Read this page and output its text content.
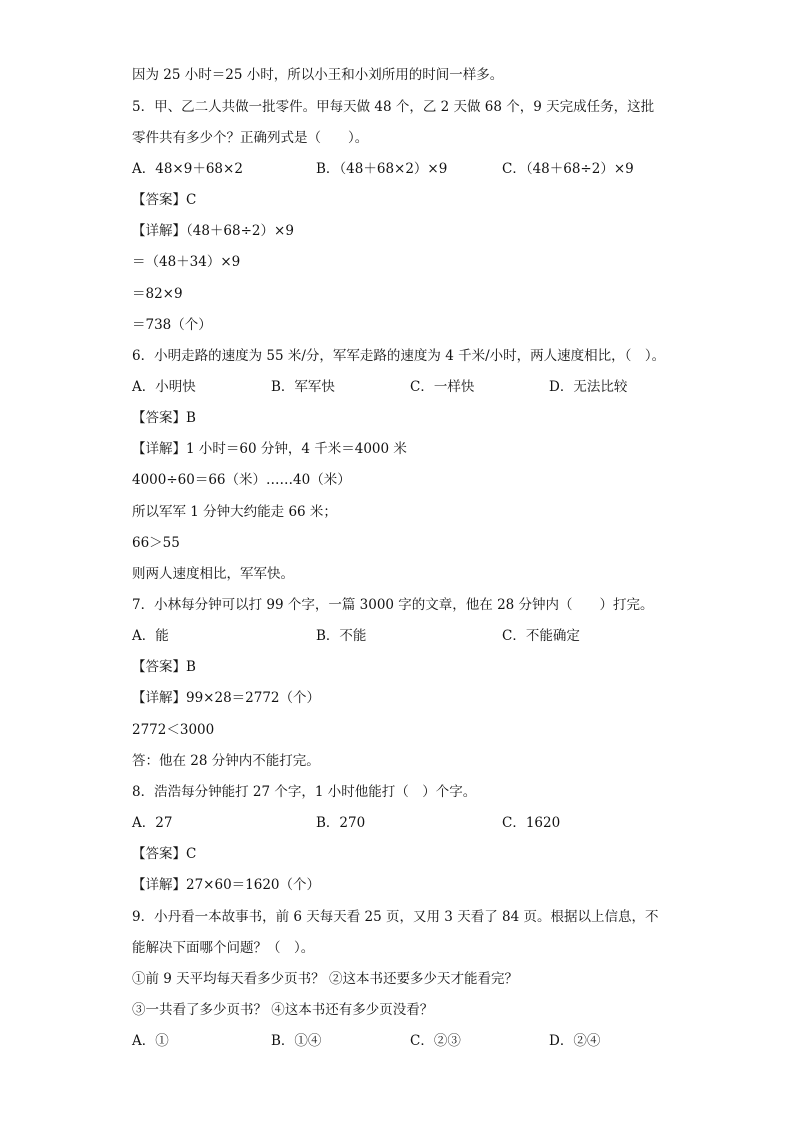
因为 25 小时＝25 小时，所以小王和小刘所用的时间一样多。
5．甲、乙二人共做一批零件。甲每天做 48 个，乙 2 天做 68 个，9 天完成任务，这批
零件共有多少个？正确列式是（　　）。
A．48×9＋68×2	B．（48＋68×2）×9	C．（48＋68÷2）×9
【答案】C
【详解】（48＋68÷2）×9
＝（48＋34）×9
＝82×9
＝738（个）
6．小明走路的速度为 55 米/分，军军走路的速度为 4 千米/小时，两人速度相比，（　）。
A．小明快	B．军军快	C．一样快	D．无法比较
【答案】B
【详解】1 小时＝60 分钟，4 千米＝4000 米
4000÷60＝66（米）……40（米）
所以军军 1 分钟大约能走 66 米；
66＞55
则两人速度相比，军军快。
7．小林每分钟可以打 99 个字，一篇 3000 字的文章，他在 28 分钟内（　　）打完。
A．能	B．不能	C．不能确定
【答案】B
【详解】99×28＝2772（个）
2772＜3000
答：他在 28 分钟内不能打完。
8．浩浩每分钟能打 27 个字，1 小时他能打（　）个字。
A．27	B．270	C．1620
【答案】C
【详解】27×60＝1620（个）
9．小丹看一本故事书，前 6 天每天看 25 页，又用 3 天看了 84 页。根据以上信息，不
能解决下面哪个问题？（　）。
①前 9 天平均每天看多少页书？ ②这本书还要多少天才能看完？
③一共看了多少页书？ ④这本书还有多少页没看？
A．①	B．①④	C．②③	D．②④
